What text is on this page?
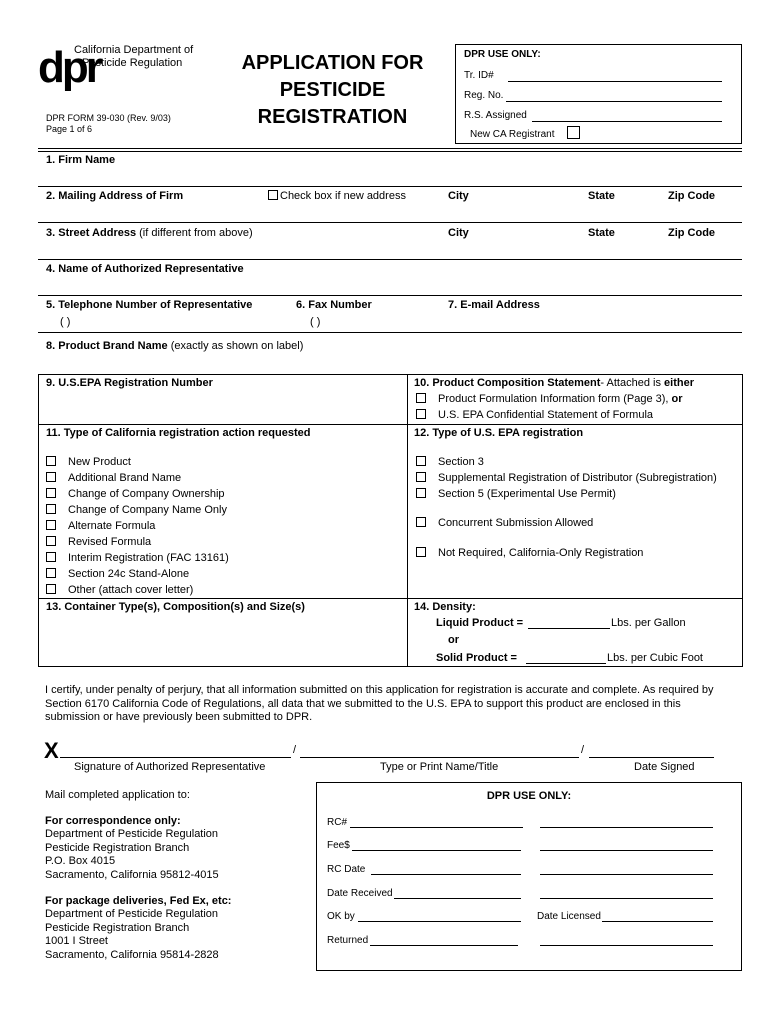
dpr
California Department of
Pesticide Regulation	APPLICATION FOR
PESTICIDE
REGISTRATION
DPR FORM 39-030 (Rev. 9/03)
Page 1 of 6
DPR USE ONLY:
Tr. ID#
Reg. No.
R.S. Assigned
New CA Registrant
1. Firm Name
2. Mailing Address of Firm	Check box if new address	City	State	Zip Code
3. Street Address (if different from above)	City	State	Zip Code
4. Name of Authorized Representative
5. Telephone Number of Representative	6. Fax Number	7. E-mail Address
( )	( )
8. Product Brand Name (exactly as shown on label)
9. U.S.EPA Registration Number	10. Product Composition Statement- Attached is either
Product Formulation Information form (Page 3), or
U.S. EPA Confidential Statement of Formula
11. Type of California registration action requested	12. Type of U.S. EPA registration
New Product
Additional Brand Name
Change of Company Ownership
Change of Company Name Only
Alternate Formula
Revised Formula
Interim Registration (FAC 13161)
Section 24c Stand-Alone
Other (attach cover letter)
Section 3
Supplemental Registration of Distributor (Subregistration)
Section 5 (Experimental Use Permit)
Concurrent Submission Allowed
Not Required, California-Only Registration
13. Container Type(s), Composition(s) and Size(s)	14. Density:
Liquid Product =	Lbs. per Gallon
or
Solid Product =	Lbs. per Cubic Foot
I certify, under penalty of perjury, that all information submitted on this application for registration is accurate and complete. As required by Section 6170 California Code of Regulations, all data that we submitted to the U.S. EPA to support this product are enclosed in this submission or have previously been submitted to DPR.
X	/	/
Signature of Authorized Representative	Type or Print Name/Title	Date Signed
Mail completed application to:
For correspondence only:
Department of Pesticide Regulation
Pesticide Registration Branch
P.O. Box 4015
Sacramento, California 95812-4015
For package deliveries, Fed Ex, etc:
Department of Pesticide Regulation
Pesticide Registration Branch
1001 I Street
Sacramento, California 95814-2828
DPR USE ONLY:
RC#
Fee$
RC Date
Date Received
OK by	Date Licensed
Returned
